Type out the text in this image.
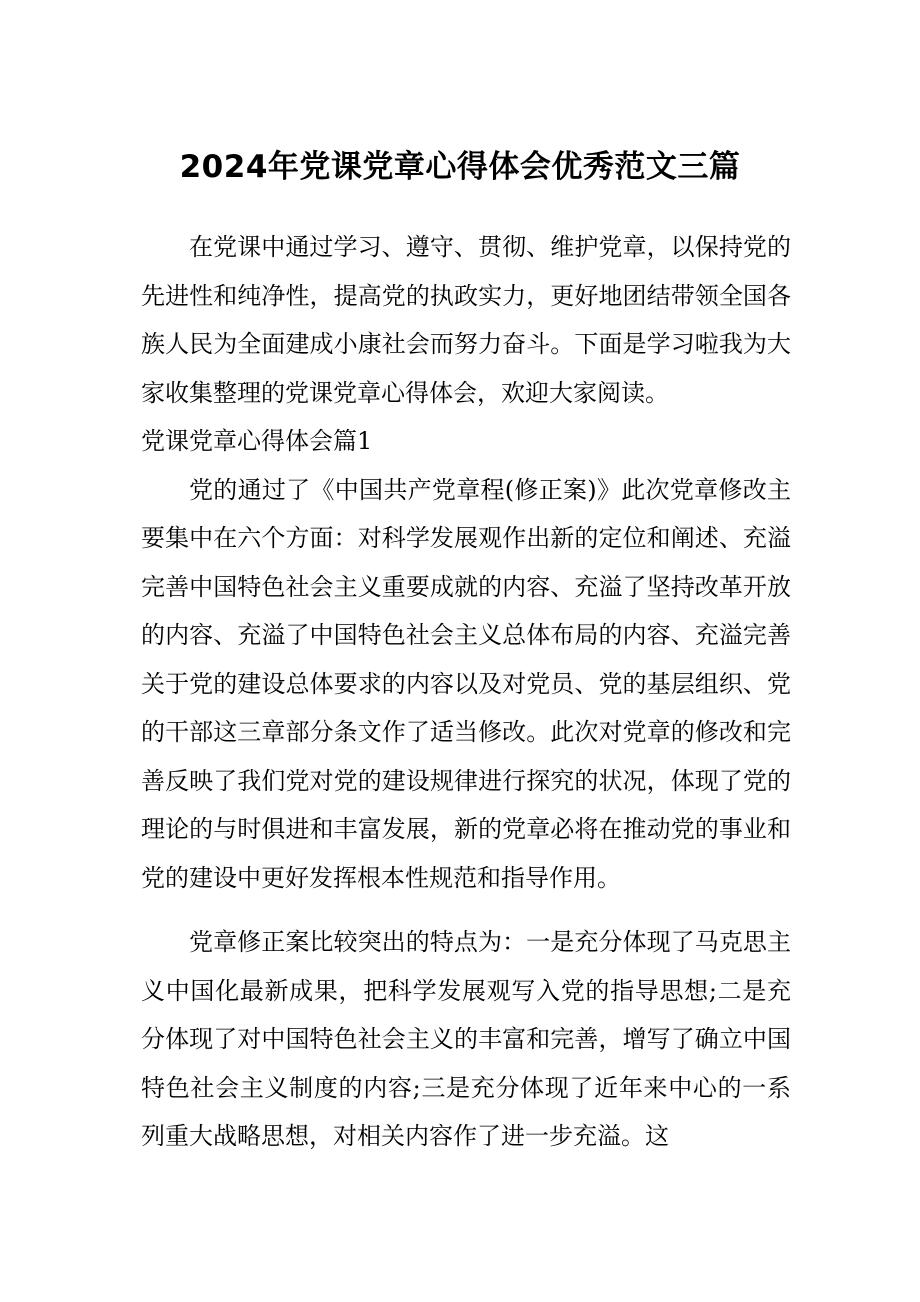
2024年党课党章心得体会优秀范文三篇

在党课中通过学习、遵守、贯彻、维护党章，以保持党的先进性和纯净性，提高党的执政实力，更好地团结带领全国各族人民为全面建成小康社会而努力奋斗。下面是学习啦我为大家收集整理的党课党章心得体会，欢迎大家阅读。

党课党章心得体会篇1

党的通过了《中国共产党章程(修正案)》此次党章修改主要集中在六个方面：对科学发展观作出新的定位和阐述、充溢完善中国特色社会主义重要成就的内容、充溢了坚持改革开放的内容、充溢了中国特色社会主义总体布局的内容、充溢完善关于党的建设总体要求的内容以及对党员、党的基层组织、党的干部这三章部分条文作了适当修改。此次对党章的修改和完善反映了我们党对党的建设规律进行探究的状况，体现了党的理论的与时俱进和丰富发展，新的党章必将在推动党的事业和党的建设中更好发挥根本性规范和指导作用。

党章修正案比较突出的特点为：一是充分体现了马克思主义中国化最新成果，把科学发展观写入党的指导思想;二是充分体现了对中国特色社会主义的丰富和完善，增写了确立中国特色社会主义制度的内容;三是充分体现了近年来中心的一系列重大战略思想，对相关内容作了进一步充溢。这
